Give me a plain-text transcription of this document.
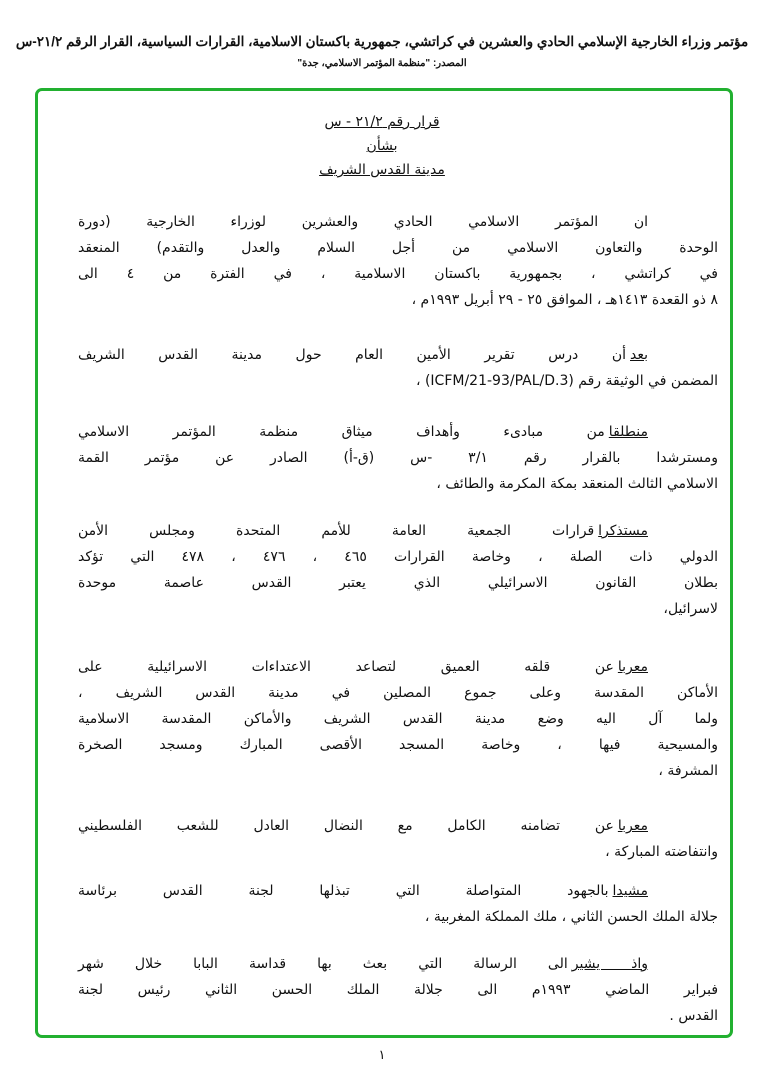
مؤتمر وزراء الخارجية الإسلامي الحادي والعشرين في كراتشي، جمهورية باكستان الاسلامية، القرارات السياسية، القرار الرقم ٢١/٢-س
المصدر: "منظمة المؤتمر الاسلامي، جدة"
قرار رقم ٢١/٢ - س
بشأن
مدينة القدس الشريف
ان المؤتمر الاسلامي الحادي والعشرين لوزراء الخارجية (دورة
الوحدة والتعاون الاسلامي من أجل السلام والعدل والتقدم) المنعقد
في كراتشي ، بجمهورية باكستان الاسلامية ، في الفترة من ٤ الى
٨ ذو القعدة ١٤١٣هـ ، الموافق ٢٥ - ٢٩ أبريل ١٩٩٣م ،
بعدأن درس تقرير الأمين العام حول مدينة القدس الشريف
المضمن في الوثيقة رقم (ICFM/21-93/PAL/D.3) ،
منطلقامن مبادىء وأهداف ميثاق منظمة المؤتمر الاسلامي
ومسترشدا بالقرار رقم ٣/١ -س (ق-أ) الصادر عن مؤتمر القمة
الاسلامي الثالث المنعقد بمكة المكرمة والطائف ،
مستذكراقرارات الجمعية العامة للأمم المتحدة ومجلس الأمن
الدولي ذات الصلة ، وخاصة القرارات ٤٦٥ ، ٤٧٦ ، ٤٧٨ التي تؤكد
بطلان القانون الاسرائيلي الذي يعتبر القدس عاصمة موحدة
لاسرائيل،
معرباعن قلقه العميق لتصاعد الاعتداءات الاسرائيلية على
الأماكن المقدسة وعلى جموع المصلين في مدينة القدس الشريف ،
ولما آل اليه وضع مدينة القدس الشريف والأماكن المقدسة الاسلامية
والمسيحية فيها ، وخاصة المسجد الأقصى المبارك ومسجد الصخرة
المشرفة ،
معرباعن تضامنه الكامل مع النضال العادل للشعب الفلسطيني
وانتفاضته المباركة ،
مشيدابالجهود المتواصلة التي تبذلها لجنة القدس برئاسة
جلالة الملك الحسن الثاني ، ملك المملكة المغربية ،
واذ يشيرالى الرسالة التي بعث بها قداسة البابا خلال شهر
فبراير الماضي ١٩٩٣م الى جلالة الملك الحسن الثاني رئيس لجنة
القدس .
١
